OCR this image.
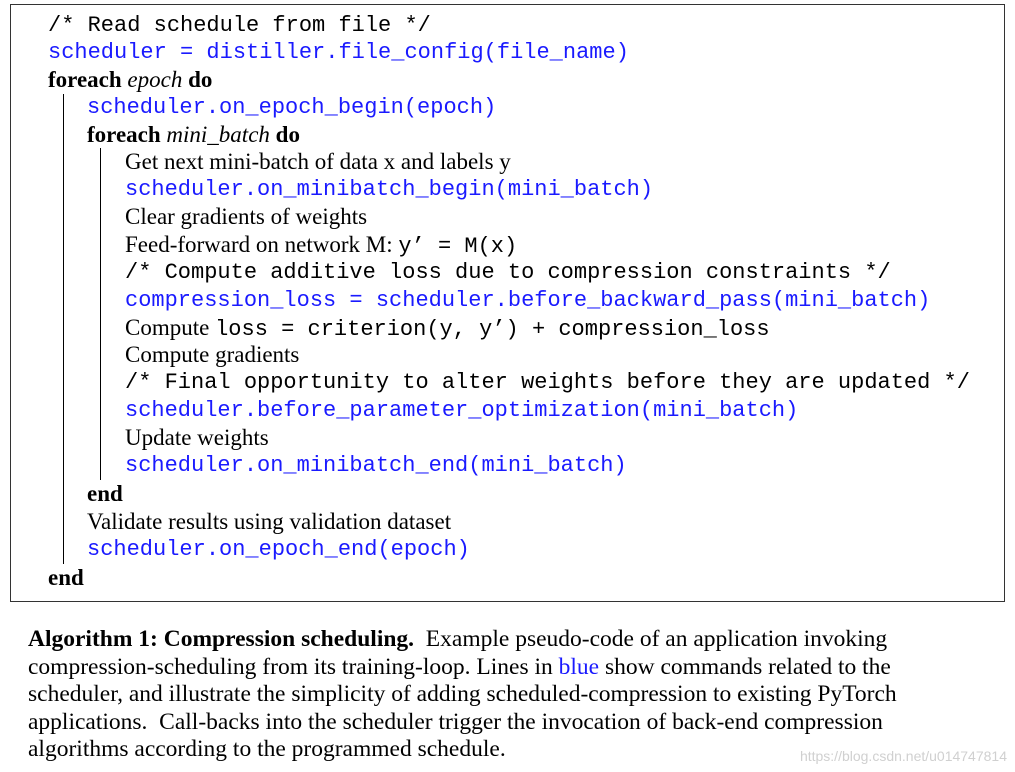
/* Read schedule from file */
scheduler = distiller.file_config(file_name)
foreach epoch do
scheduler.on_epoch_begin(epoch)
foreach mini_batch do
Get next mini-batch of data x and labels y
scheduler.on_minibatch_begin(mini_batch)
Clear gradients of weights
Feed-forward on network M: y’ = M(x)
/* Compute additive loss due to compression constraints */
compression_loss = scheduler.before_backward_pass(mini_batch)
Compute loss = criterion(y, y’) + compression_loss
Compute gradients
/* Final opportunity to alter weights before they are updated */
scheduler.before_parameter_optimization(mini_batch)
Update weights
scheduler.on_minibatch_end(mini_batch)
end
Validate results using validation dataset
scheduler.on_epoch_end(epoch)
end
Algorithm 1: Compression scheduling.  Example pseudo-code of an application invoking
compression-scheduling from its training-loop. Lines in blue show commands related to the
scheduler, and illustrate the simplicity of adding scheduled-compression to existing PyTorch
applications.  Call-backs into the scheduler trigger the invocation of back-end compression
algorithms according to the programmed schedule.	https://blog.csdn.net/u014747814
